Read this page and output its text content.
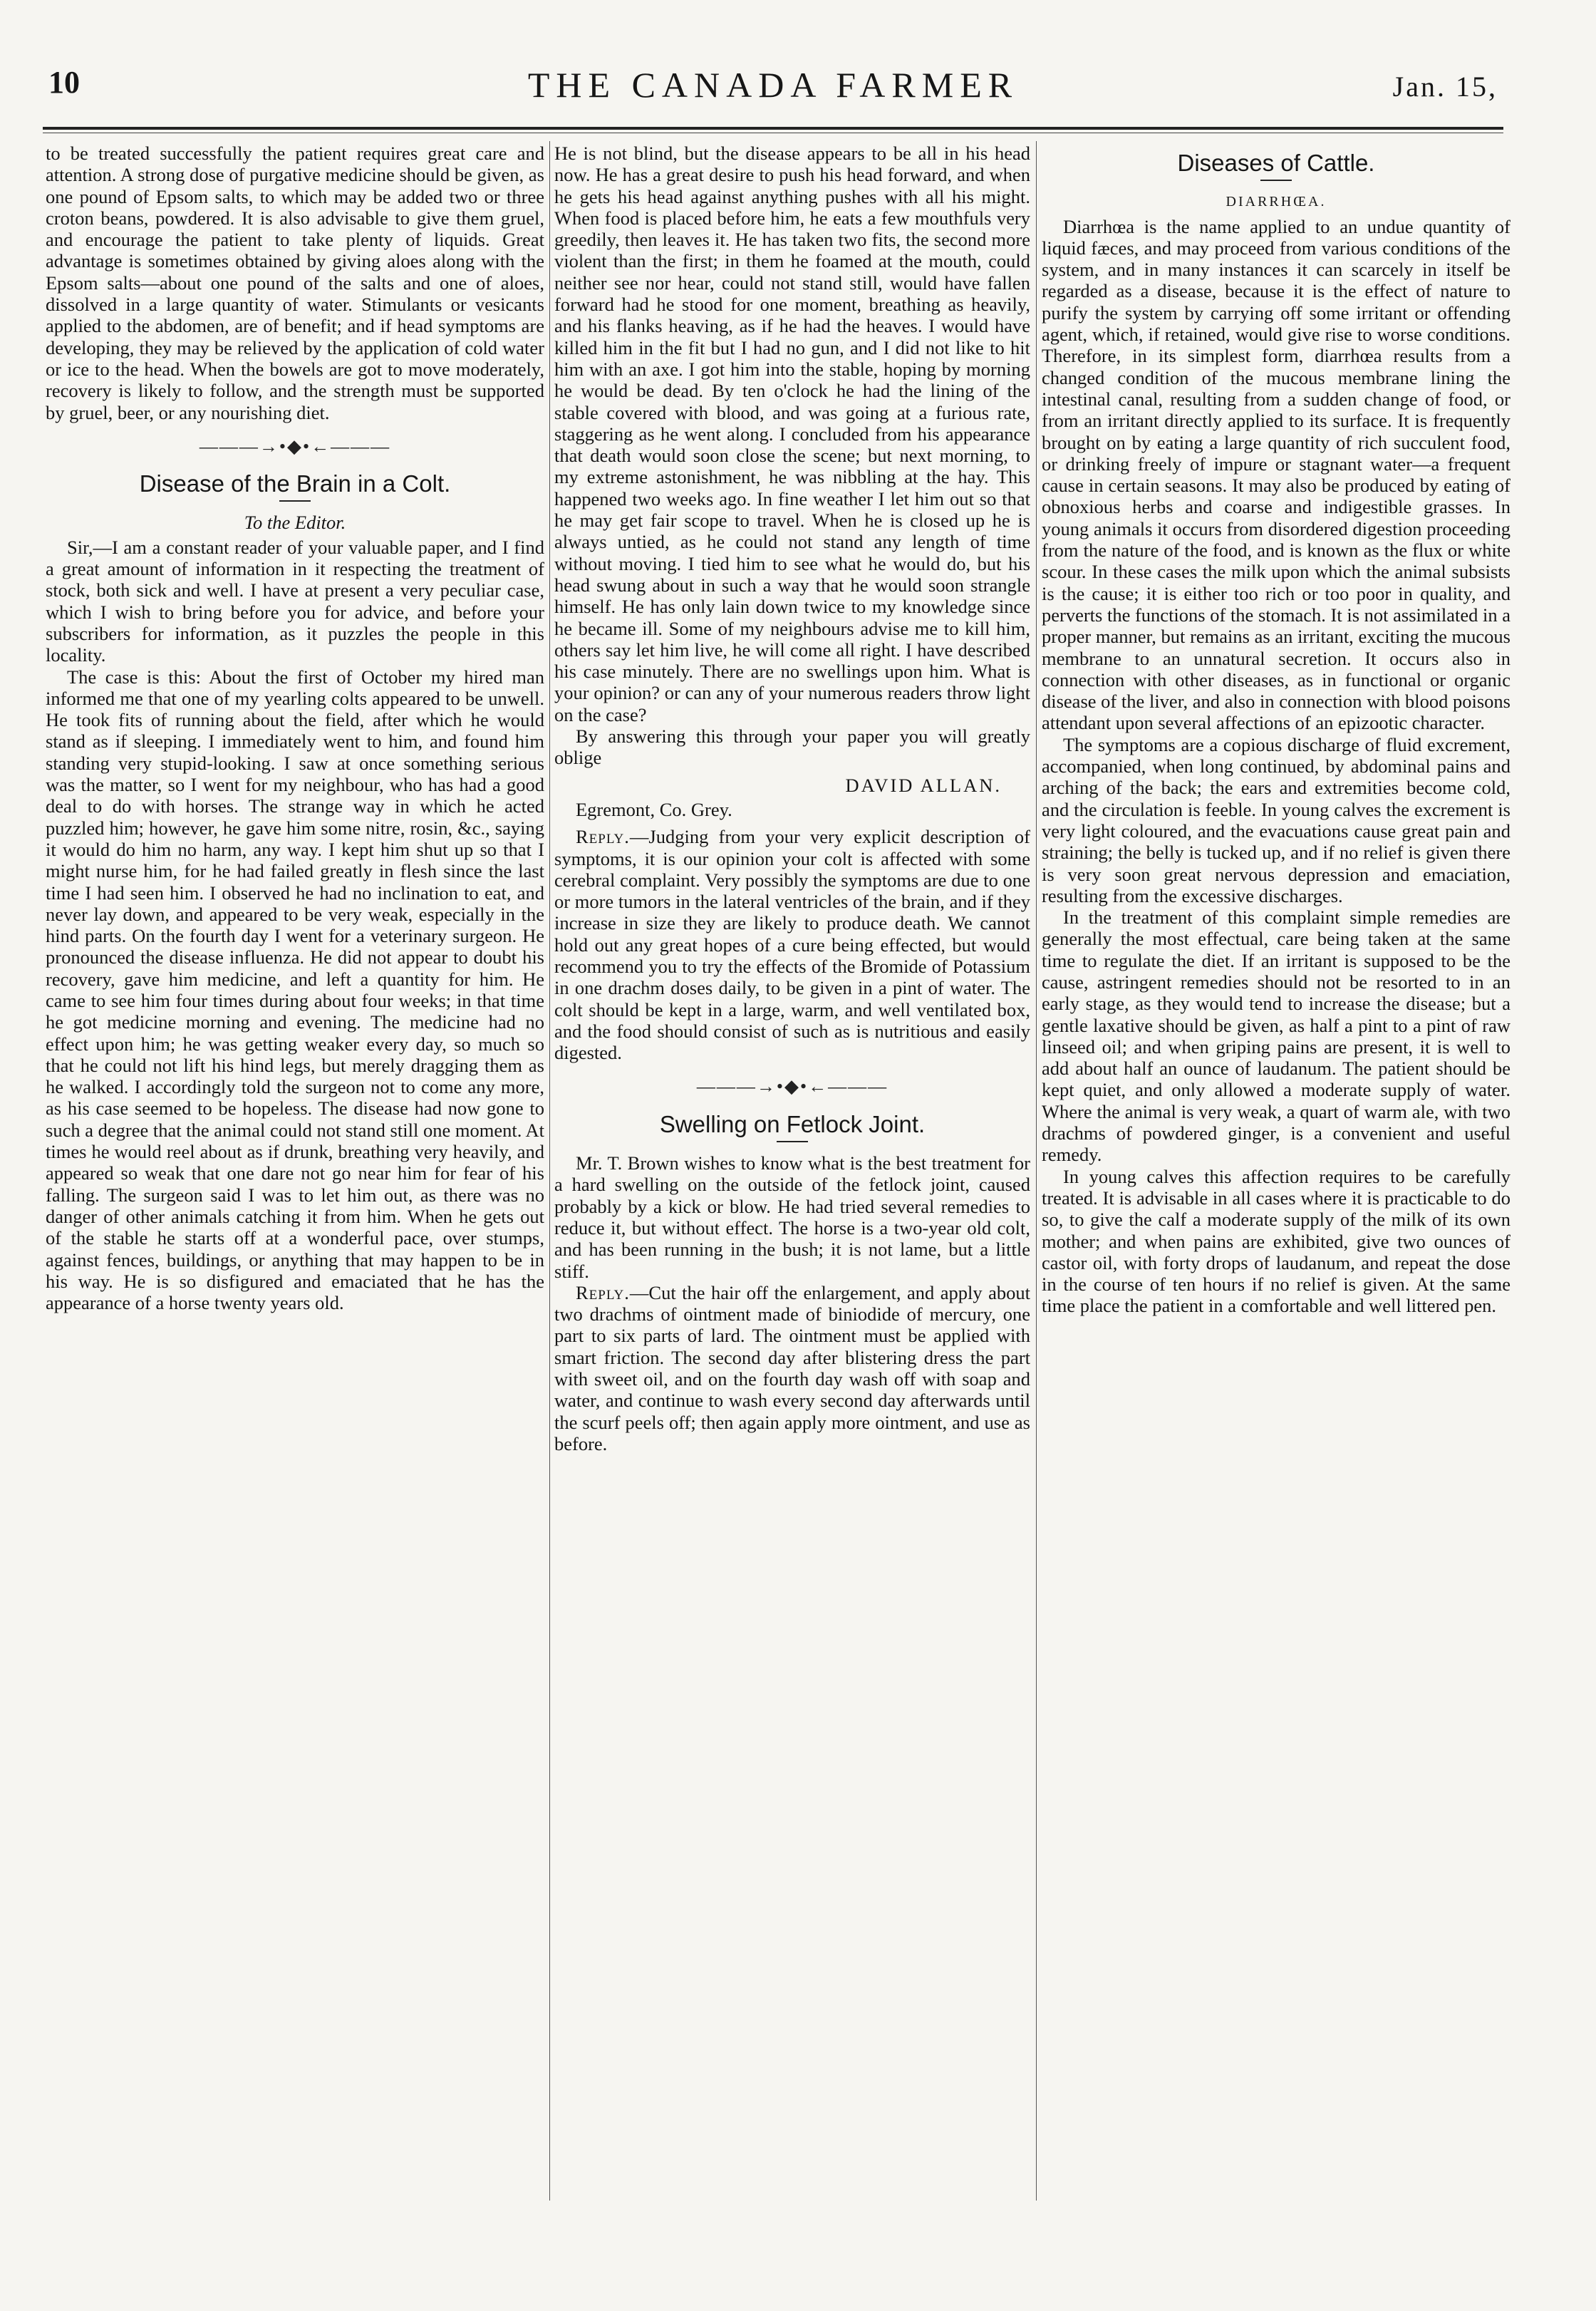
10	THE CANADA FARMER	Jan. 15,

to be treated successfully the patient requires great care and attention. A strong dose of purgative medicine should be given, as one pound of Epsom salts, to which may be added two or three croton beans, powdered. It is also advisable to give them gruel, and encourage the patient to take plenty of liquids. Great advantage is sometimes obtained by giving aloes along with the Epsom salts—about one pound of the salts and one of aloes, dissolved in a large quantity of water. Stimulants or vesicants applied to the abdomen, are of benefit; and if head symptoms are developing, they may be relieved by the application of cold water or ice to the head. When the bowels are got to move moderately, recovery is likely to follow, and the strength must be supported by gruel, beer, or any nourishing diet.

———→•◆•←———
Disease of the Brain in a Colt.
To the Editor.

Sir,—I am a constant reader of your valuable paper, and I find a great amount of information in it respecting the treatment of stock, both sick and well. I have at present a very peculiar case, which I wish to bring before you for advice, and before your subscribers for information, as it puzzles the people in this locality.

The case is this: About the first of October my hired man informed me that one of my yearling colts appeared to be unwell. He took fits of running about the field, after which he would stand as if sleeping. I immediately went to him, and found him standing very stupid-looking. I saw at once something serious was the matter, so I went for my neighbour, who has had a good deal to do with horses. The strange way in which he acted puzzled him; however, he gave him some nitre, rosin, &c., saying it would do him no harm, any way. I kept him shut up so that I might nurse him, for he had failed greatly in flesh since the last time I had seen him. I observed he had no inclination to eat, and never lay down, and appeared to be very weak, especially in the hind parts. On the fourth day I went for a veterinary surgeon. He pronounced the disease influenza. He did not appear to doubt his recovery, gave him medicine, and left a quantity for him. He came to see him four times during about four weeks; in that time he got medicine morning and evening. The medicine had no effect upon him; he was getting weaker every day, so much so that he could not lift his hind legs, but merely dragging them as he walked. I accordingly told the surgeon not to come any more, as his case seemed to be hopeless. The disease had now gone to such a degree that the animal could not stand still one moment. At times he would reel about as if drunk, breathing very heavily, and appeared so weak that one dare not go near him for fear of his falling. The surgeon said I was to let him out, as there was no danger of other animals catching it from him. When he gets out of the stable he starts off at a wonderful pace, over stumps, against fences, buildings, or anything that may happen to be in his way. He is so disfigured and emaciated that he has the appearance of a horse twenty years old.

He is not blind, but the disease appears to be all in his head now. He has a great desire to push his head forward, and when he gets his head against anything pushes with all his might. When food is placed before him, he eats a few mouthfuls very greedily, then leaves it. He has taken two fits, the second more violent than the first; in them he foamed at the mouth, could neither see nor hear, could not stand still, would have fallen forward had he stood for one moment, breathing as heavily, and his flanks heaving, as if he had the heaves. I would have killed him in the fit but I had no gun, and I did not like to hit him with an axe. I got him into the stable, hoping by morning he would be dead. By ten o'clock he had the lining of the stable covered with blood, and was going at a furious rate, staggering as he went along. I concluded from his appearance that death would soon close the scene; but next morning, to my extreme astonishment, he was nibbling at the hay. This happened two weeks ago. In fine weather I let him out so that he may get fair scope to travel. When he is closed up he is always untied, as he could not stand any length of time without moving. I tied him to see what he would do, but his head swung about in such a way that he would soon strangle himself. He has only lain down twice to my knowledge since he became ill. Some of my neighbours advise me to kill him, others say let him live, he will come all right. I have described his case minutely. There are no swellings upon him. What is your opinion? or can any of your numerous readers throw light on the case?

By answering this through your paper you will greatly oblige

DAVID ALLAN.

Egremont, Co. Grey.

Reply.—Judging from your very explicit description of symptoms, it is our opinion your colt is affected with some cerebral complaint. Very possibly the symptoms are due to one or more tumors in the lateral ventricles of the brain, and if they increase in size they are likely to produce death. We cannot hold out any great hopes of a cure being effected, but would recommend you to try the effects of the Bromide of Potassium in one drachm doses daily, to be given in a pint of water. The colt should be kept in a large, warm, and well ventilated box, and the food should consist of such as is nutritious and easily digested.

———→•◆•←———
Swelling on Fetlock Joint.

Mr. T. Brown wishes to know what is the best treatment for a hard swelling on the outside of the fetlock joint, caused probably by a kick or blow. He had tried several remedies to reduce it, but without effect. The horse is a two-year old colt, and has been running in the bush; it is not lame, but a little stiff.

Reply.—Cut the hair off the enlargement, and apply about two drachms of ointment made of biniodide of mercury, one part to six parts of lard. The ointment must be applied with smart friction. The second day after blistering dress the part with sweet oil, and on the fourth day wash off with soap and water, and continue to wash every second day afterwards until the scurf peels off; then again apply more ointment, and use as before.

Diseases of Cattle.
DIARRHŒA.

Diarrhœa is the name applied to an undue quantity of liquid fæces, and may proceed from various conditions of the system, and in many instances it can scarcely in itself be regarded as a disease, because it is the effect of nature to purify the system by carrying off some irritant or offending agent, which, if retained, would give rise to worse conditions. Therefore, in its simplest form, diarrhœa results from a changed condition of the mucous membrane lining the intestinal canal, resulting from a sudden change of food, or from an irritant directly applied to its surface. It is frequently brought on by eating a large quantity of rich succulent food, or drinking freely of impure or stagnant water—a frequent cause in certain seasons. It may also be produced by eating of obnoxious herbs and coarse and indigestible grasses. In young animals it occurs from disordered digestion proceeding from the nature of the food, and is known as the flux or white scour. In these cases the milk upon which the animal subsists is the cause; it is either too rich or too poor in quality, and perverts the functions of the stomach. It is not assimilated in a proper manner, but remains as an irritant, exciting the mucous membrane to an unnatural secretion. It occurs also in connection with other diseases, as in functional or organic disease of the liver, and also in connection with blood poisons attendant upon several affections of an epizootic character.

The symptoms are a copious discharge of fluid excrement, accompanied, when long continued, by abdominal pains and arching of the back; the ears and extremities become cold, and the circulation is feeble. In young calves the excrement is very light coloured, and the evacuations cause great pain and straining; the belly is tucked up, and if no relief is given there is very soon great nervous depression and emaciation, resulting from the excessive discharges.

In the treatment of this complaint simple remedies are generally the most effectual, care being taken at the same time to regulate the diet. If an irritant is supposed to be the cause, astringent remedies should not be resorted to in an early stage, as they would tend to increase the disease; but a gentle laxative should be given, as half a pint to a pint of raw linseed oil; and when griping pains are present, it is well to add about half an ounce of laudanum. The patient should be kept quiet, and only allowed a moderate supply of water. Where the animal is very weak, a quart of warm ale, with two drachms of powdered ginger, is a convenient and useful remedy.

In young calves this affection requires to be carefully treated. It is advisable in all cases where it is practicable to do so, to give the calf a moderate supply of the milk of its own mother; and when pains are exhibited, give two ounces of castor oil, with forty drops of laudanum, and repeat the dose in the course of ten hours if no relief is given. At the same time place the patient in a comfortable and well littered pen.
